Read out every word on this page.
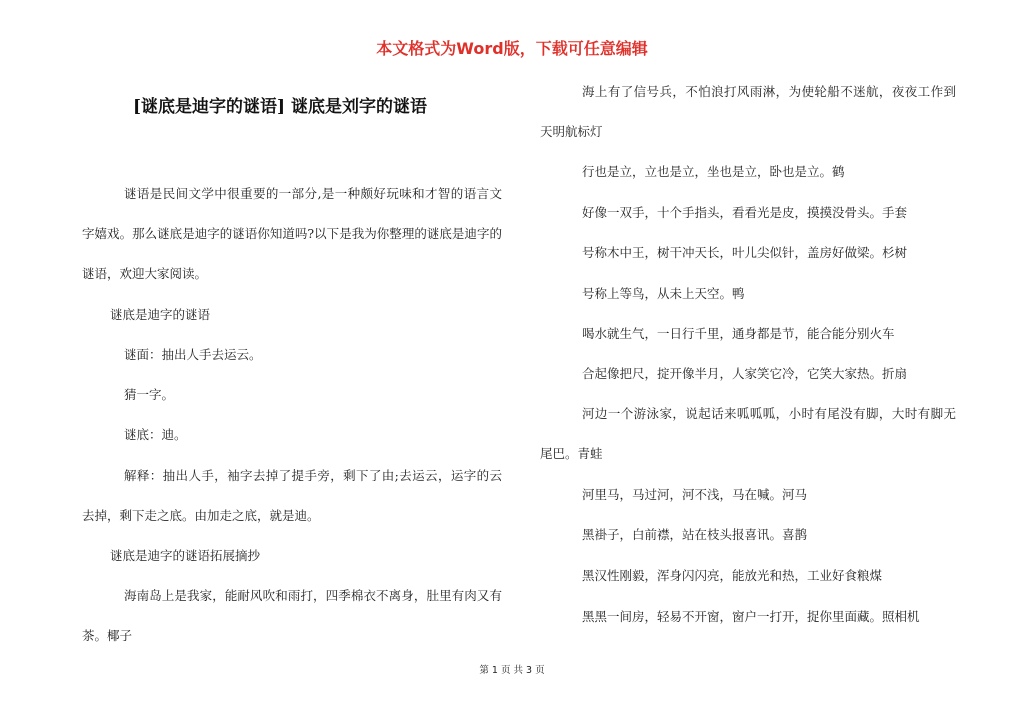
本文格式为Word版，下载可任意编辑
[谜底是迪字的谜语] 谜底是刘字的谜语

谜语是民间文学中很重要的一部分,是一种颇好玩味和才智的语言文字嬉戏。那么谜底是迪字的谜语你知道吗?以下是我为你整理的谜底是迪字的谜语，欢迎大家阅读。

谜底是迪字的谜语

谜面：抽出人手去运云。

猜一字。

谜底：迪。

解释：抽出人手，袖字去掉了提手旁，剩下了由;去运云，运字的云去掉，剩下走之底。由加走之底，就是迪。

谜底是迪字的谜语拓展摘抄

海南岛上是我家，能耐风吹和雨打，四季棉衣不离身，肚里有肉又有茶。椰子

海上有了信号兵，不怕浪打风雨淋，为使轮船不迷航，夜夜工作到天明航标灯

行也是立，立也是立，坐也是立，卧也是立。鹤

好像一双手，十个手指头，看看光是皮，摸摸没骨头。手套

号称木中王，树干冲天长，叶儿尖似针，盖房好做梁。杉树

号称上等鸟，从未上天空。鸭

喝水就生气，一日行千里，通身都是节，能合能分别火车

合起像把尺，掟开像半月，人家笑它冷，它笑大家热。折扇

河边一个游泳家，说起话来呱呱呱，小时有尾没有脚，大时有脚无尾巴。青蛙

河里马，马过河，河不浅，马在喊。河马

黑褂子，白前襟，站在枝头报喜讯。喜鹊

黑汉性刚毅，浑身闪闪亮，能放光和热，工业好食粮煤

黑黑一间房，轻易不开窗，窗户一打开，捉你里面藏。照相机

第 1 页 共 3 页
